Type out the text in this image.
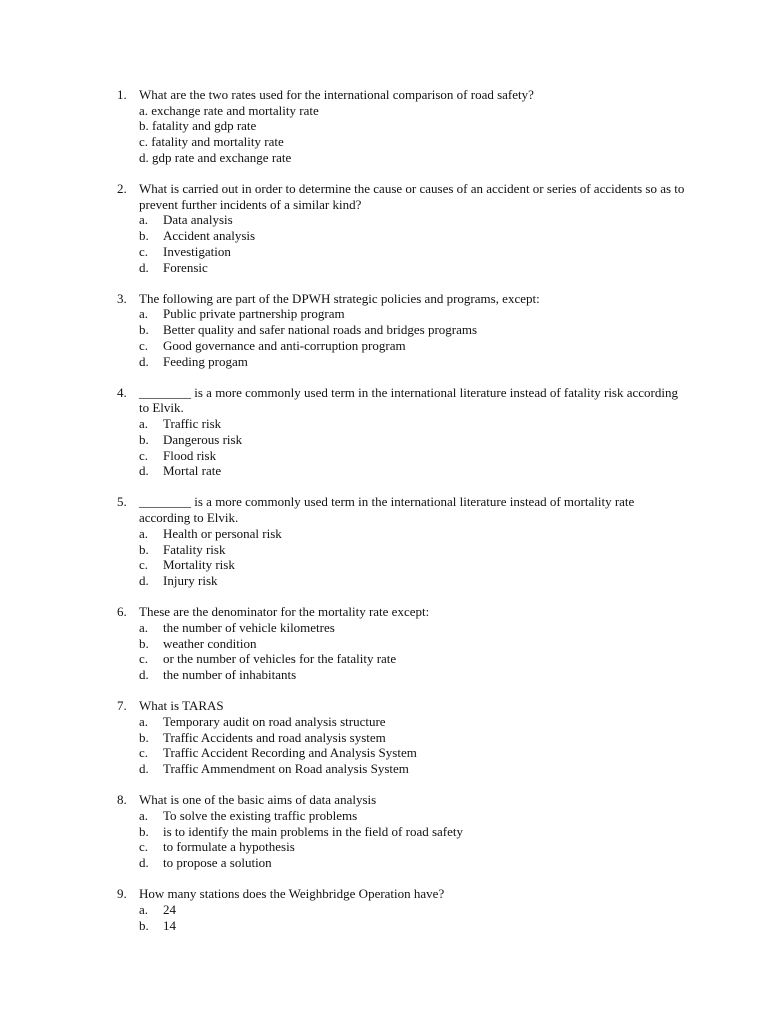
1. What are the two rates used for the international comparison of road safety?
a. exchange rate and mortality rate
b. fatality and gdp rate
c. fatality and mortality rate
d. gdp rate and exchange rate
2. What is carried out in order to determine the cause or causes of an accident or series of accidents so as to prevent further incidents of a similar kind?
a. Data analysis
b. Accident analysis
c. Investigation
d. Forensic
3. The following are part of the DPWH strategic policies and programs, except:
a. Public private partnership program
b. Better quality and safer national roads and bridges programs
c. Good governance and anti-corruption program
d. Feeding progam
4. ________ is a more commonly used term in the international literature instead of fatality risk according to Elvik.
a. Traffic risk
b. Dangerous risk
c. Flood risk
d. Mortal rate
5. ________ is a more commonly used term in the international literature instead of mortality rate according to Elvik.
a. Health or personal risk
b. Fatality risk
c. Mortality risk
d. Injury risk
6. These are the denominator for the mortality rate except:
a. the number of vehicle kilometres
b. weather condition
c. or the number of vehicles for the fatality rate
d. the number of inhabitants
7. What is TARAS
a. Temporary audit on road analysis structure
b. Traffic Accidents and road analysis system
c. Traffic Accident Recording and Analysis System
d. Traffic Ammendment on Road analysis System
8. What is one of the basic aims of data analysis
a. To solve the existing traffic problems
b. is to identify the main problems in the field of road safety
c. to formulate a hypothesis
d. to propose a solution
9. How many stations does the Weighbridge Operation have?
a. 24
b. 14
